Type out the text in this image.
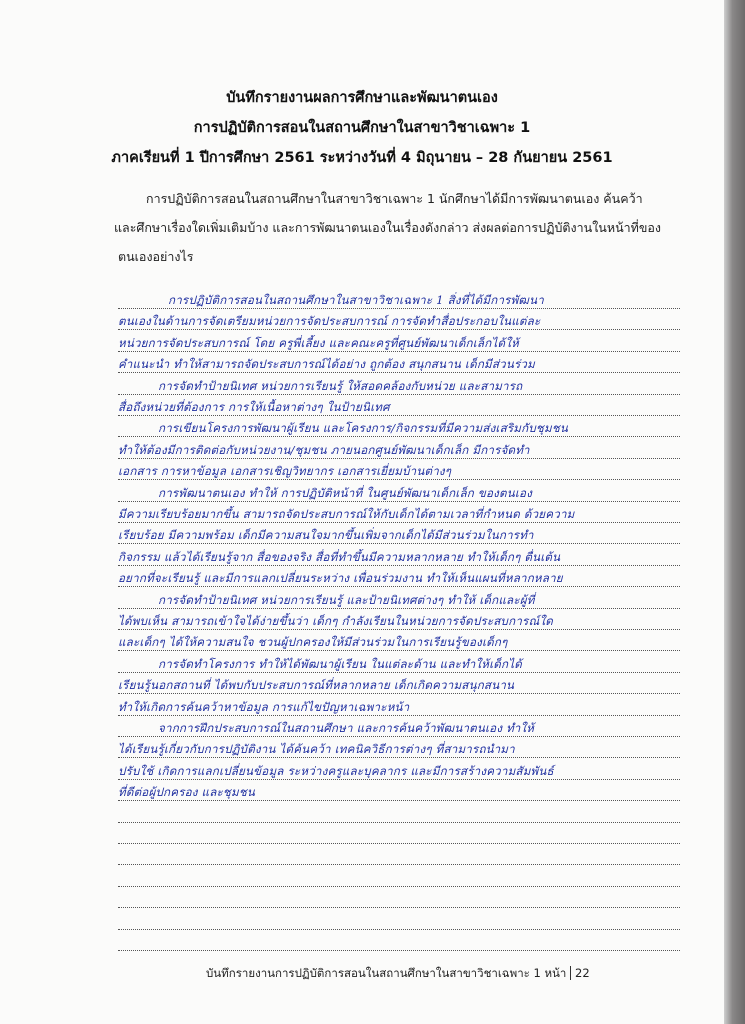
บันทึกรายงานผลการศึกษาและพัฒนาตนเอง
การปฏิบัติการสอนในสถานศึกษาในสาขาวิชาเฉพาะ 1
ภาคเรียนที่ 1 ปีการศึกษา 2561 ระหว่างวันที่ 4 มิถุนายน – 28 กันยายน 2561
การปฏิบัติการสอนในสถานศึกษาในสาขาวิชาเฉพาะ 1 นักศึกษาได้มีการพัฒนาตนเอง ค้นคว้า
และศึกษาเรื่องใดเพิ่มเติมบ้าง และการพัฒนาตนเองในเรื่องดังกล่าว ส่งผลต่อการปฏิบัติงานในหน้าที่ของ
ตนเองอย่างไร
การปฏิบัติการสอนในสถานศึกษาในสาขาวิชาเฉพาะ 1 สิ่งที่ได้มีการพัฒนา
ตนเองในด้านการจัดเตรียมหน่วยการจัดประสบการณ์ การจัดทำสื่อประกอบในแต่ละ
หน่วยการจัดประสบการณ์ โดย ครูพี่เลี้ยง และคณะครูที่ศูนย์พัฒนาเด็กเล็กได้ให้
คำแนะนำ ทำให้สามารถจัดประสบการณ์ได้อย่าง ถูกต้อง สนุกสนาน เด็กมีส่วนร่วม
การจัดทำป้ายนิเทศ หน่วยการเรียนรู้ ให้สอดคล้องกับหน่วย และสามารถ
สื่อถึงหน่วยที่ต้องการ การให้เนื้อหาต่างๆ ในป้ายนิเทศ
การเขียนโครงการพัฒนาผู้เรียน และโครงการ/กิจกรรมที่มีความส่งเสริมกับชุมชน
ทำให้ต้องมีการติดต่อกับหน่วยงาน/ชุมชน ภายนอกศูนย์พัฒนาเด็กเล็ก มีการจัดทำ
เอกสาร การหาข้อมูล เอกสารเชิญวิทยากร เอกสารเยี่ยมบ้านต่างๆ
การพัฒนาตนเอง ทำให้ การปฏิบัติหน้าที่ ในศูนย์พัฒนาเด็กเล็ก ของตนเอง
มีความเรียบร้อยมากขึ้น สามารถจัดประสบการณ์ให้กับเด็กได้ตามเวลาที่กำหนด ด้วยความ
เรียบร้อย มีความพร้อม เด็กมีความสนใจมากขึ้นเพิ่มจากเด็กได้มีส่วนร่วมในการทำ
กิจกรรม แล้วได้เรียนรู้จาก สื่อของจริง สื่อที่ทำขึ้นมีความหลากหลาย ทำให้เด็กๆ ตื่นเต้น
อยากที่จะเรียนรู้ และมีการแลกเปลี่ยนระหว่าง เพื่อนร่วมงาน ทำให้เห็นแผนที่หลากหลาย
การจัดทำป้ายนิเทศ หน่วยการเรียนรู้ และป้ายนิเทศต่างๆ ทำให้ เด็กและผู้ที่
ได้พบเห็น สามารถเข้าใจได้ง่ายขึ้นว่า เด็กๆ กำลังเรียนในหน่วยการจัดประสบการณ์ใด
และเด็กๆ ได้ให้ความสนใจ ชวนผู้ปกครองให้มีส่วนร่วมในการเรียนรู้ของเด็กๆ
การจัดทำโครงการ ทำให้ได้พัฒนาผู้เรียน ในแต่ละด้าน และทำให้เด็กได้
เรียนรู้นอกสถานที่ ได้พบกับประสบการณ์ที่หลากหลาย เด็กเกิดความสนุกสนาน
ทำให้เกิดการค้นคว้าหาข้อมูล การแก้ไขปัญหาเฉพาะหน้า
จากการฝึกประสบการณ์ในสถานศึกษา และการค้นคว้าพัฒนาตนเอง ทำให้
ได้เรียนรู้เกี่ยวกับการปฏิบัติงาน ได้ค้นคว้า เทคนิควิธีการต่างๆ ที่สามารถนำมา
ปรับใช้ เกิดการแลกเปลี่ยนข้อมูล ระหว่างครูและบุคลากร และมีการสร้างความสัมพันธ์
ที่ดีต่อผู้ปกครอง และชุมชน
บันทึกรายงานการปฏิบัติการสอนในสถานศึกษาในสาขาวิชาเฉพาะ 1 หน้า 22
